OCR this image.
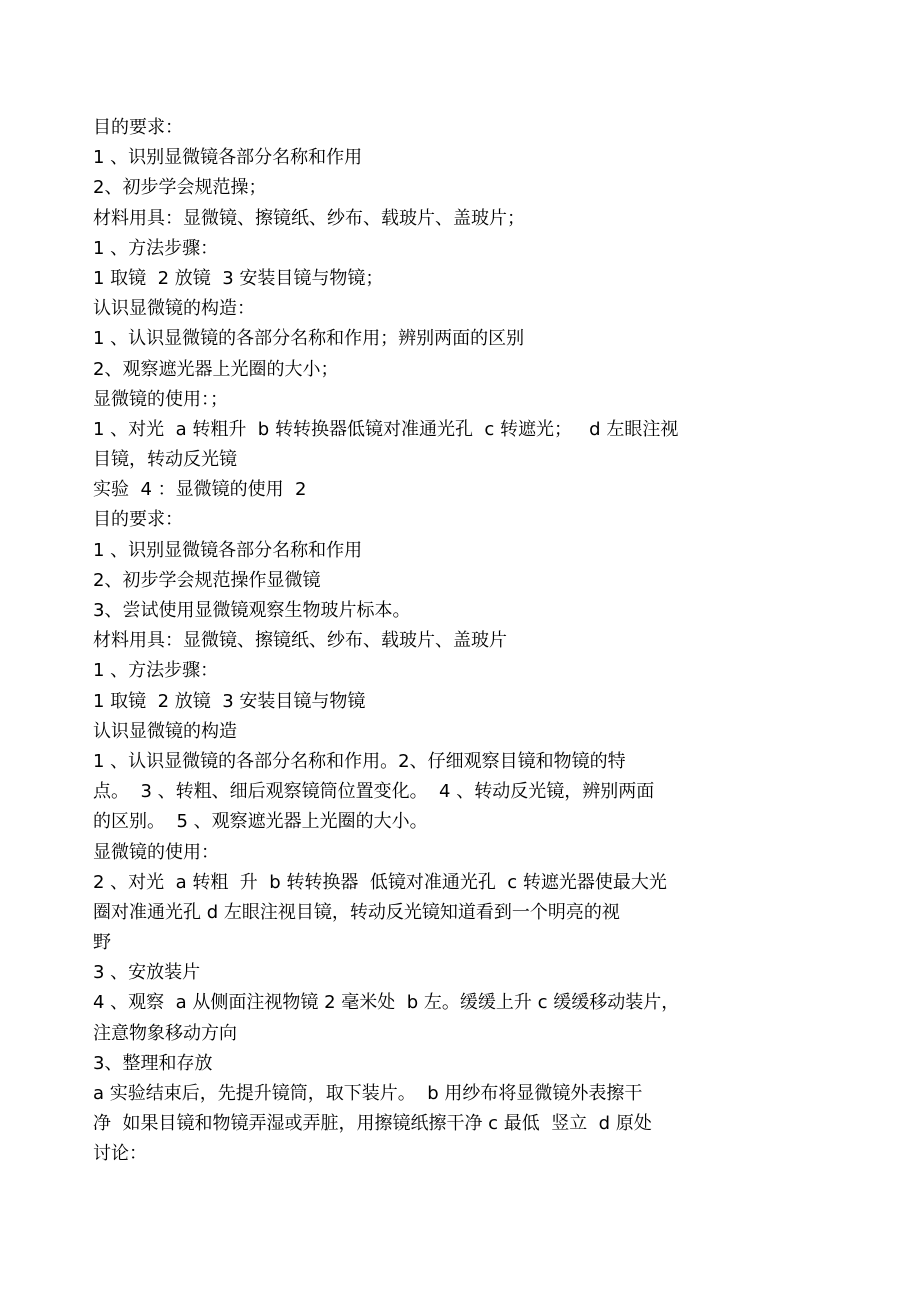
目的要求：
1 、识别显微镜各部分名称和作用
2、初步学会规范操；
材料用具：显微镜、擦镜纸、纱布、载玻片、盖玻片；
1 、方法步骤：
1 取镜  2 放镜  3 安装目镜与物镜；
认识显微镜的构造：
1 、认识显微镜的各部分名称和作用；辨别两面的区别
2、观察遮光器上光圈的大小；
显微镜的使用：；
1 、对光  a 转粗升  b 转转换器低镜对准通光孔  c 转遮光；   d 左眼注视
目镜，转动反光镜
实验  4 ：显微镜的使用  2
目的要求：
1 、识别显微镜各部分名称和作用
2、初步学会规范操作显微镜
3、尝试使用显微镜观察生物玻片标本。
材料用具：显微镜、擦镜纸、纱布、载玻片、盖玻片
1 、方法步骤：
1 取镜  2 放镜  3 安装目镜与物镜
认识显微镜的构造
1 、认识显微镜的各部分名称和作用。2、仔细观察目镜和物镜的特
点。  3 、转粗、细后观察镜筒位置变化。  4 、转动反光镜，辨别两面
的区别。  5 、观察遮光器上光圈的大小。
显微镜的使用：
2 、对光  a 转粗  升  b 转转换器  低镜对准通光孔  c 转遮光器使最大光
圈对准通光孔 d 左眼注视目镜，转动反光镜知道看到一个明亮的视
野
3 、安放装片
4 、观察  a 从侧面注视物镜 2 毫米处  b 左。缓缓上升 c 缓缓移动装片，
注意物象移动方向
3、整理和存放
a 实验结束后，先提升镜筒，取下装片。  b 用纱布将显微镜外表擦干
净  如果目镜和物镜弄湿或弄脏，用擦镜纸擦干净 c 最低  竖立  d 原处
讨论：
